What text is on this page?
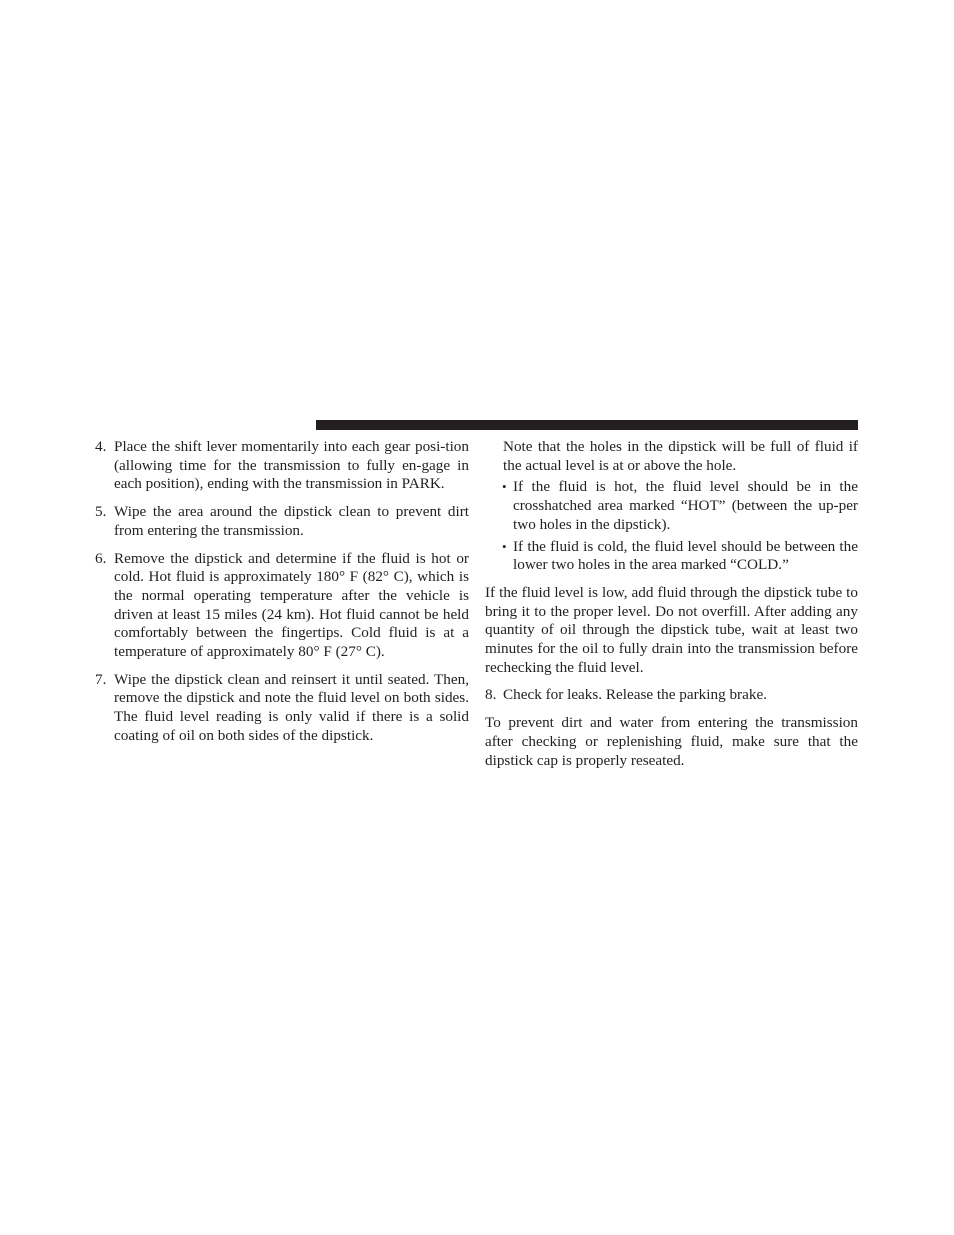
4. Place the shift lever momentarily into each gear posi-tion (allowing time for the transmission to fully en-gage in each position), ending with the transmission in PARK.
5. Wipe the area around the dipstick clean to prevent dirt from entering the transmission.
6. Remove the dipstick and determine if the fluid is hot or cold. Hot fluid is approximately 180° F (82° C), which is the normal operating temperature after the vehicle is driven at least 15 miles (24 km). Hot fluid cannot be held comfortably between the fingertips. Cold fluid is at a temperature of approximately 80° F (27° C).
7. Wipe the dipstick clean and reinsert it until seated. Then, remove the dipstick and note the fluid level on both sides. The fluid level reading is only valid if there is a solid coating of oil on both sides of the dipstick.

Note that the holes in the dipstick will be full of fluid if the actual level is at or above the hole.

• If the fluid is hot, the fluid level should be in the crosshatched area marked “HOT” (between the up-per two holes in the dipstick).
• If the fluid is cold, the fluid level should be between the lower two holes in the area marked “COLD.”

If the fluid level is low, add fluid through the dipstick tube to bring it to the proper level. Do not overfill. After adding any quantity of oil through the dipstick tube, wait at least two minutes for the oil to fully drain into the transmission before rechecking the fluid level.

8. Check for leaks. Release the parking brake.

To prevent dirt and water from entering the transmission after checking or replenishing fluid, make sure that the dipstick cap is properly reseated.
